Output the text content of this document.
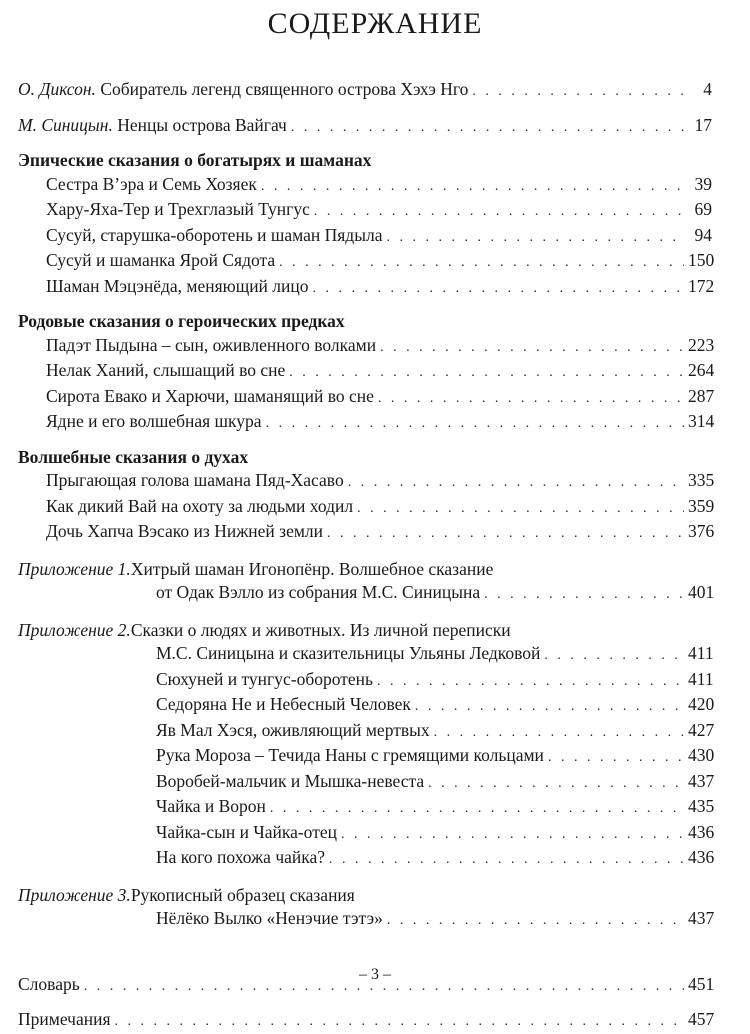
СОДЕРЖАНИЕ
О. Диксон. Собиратель легенд священного острова Хэхэ Нго . . .	4
М. Синицын. Ненцы острова Вайгач . . .	17
Эпические сказания о богатырях и шаманах
Сестра В’эра и Семь Хозяек . . .	39
Хару-Яха-Тер и Трехглазый Тунгус . . .	69
Сусуй, старушка-оборотень и шаман Пядыла . . .	94
Сусуй и шаманка Ярой Сядота . . .	150
Шаман Мэцэнёда, меняющий лицо . . .	172
Родовые сказания о героических предках
Падэт Пыдына – сын, оживленного волками . . .	223
Нелак Ханий, слышащий во сне . . .	264
Сирота Евако и Харючи, шаманящий во сне . . .	287
Ядне и его волшебная шкура . . .	314
Волшебные сказания о духах
Прыгающая голова шамана Пяд-Хасаво . . .	335
Как дикий Вай на охоту за людьми ходил . . .	359
Дочь Хапча Вэсако из Нижней земли . . .	376
Приложение 1. Хитрый шаман Игонопёнр. Волшебное сказание
от Одак Вэлло из собрания М.С. Синицына . . .	401
Приложение 2. Сказки о людях и животных. Из личной переписки
М.С. Синицына и сказительницы Ульяны Ледковой . . .	411
Сюхуней и тунгус-оборотень . . .	411
Седоряна Не и Небесный Человек . . .	420
Яв Мал Хэся, оживляющий мертвых . . .	427
Рука Мороза – Течида Наны с гремящими кольцами . . .	430
Воробей-мальчик и Мышка-невеста . . .	437
Чайка и Ворон . . .	435
Чайка-сын и Чайка-отец . . .	436
На кого похожа чайка? . . .	436
Приложение 3. Рукописный образец сказания
Нёлёко Вылко «Ненэчие тэтэ» . . .	437
Словарь . . .	451
Примечания . . .	457
– 3 –
